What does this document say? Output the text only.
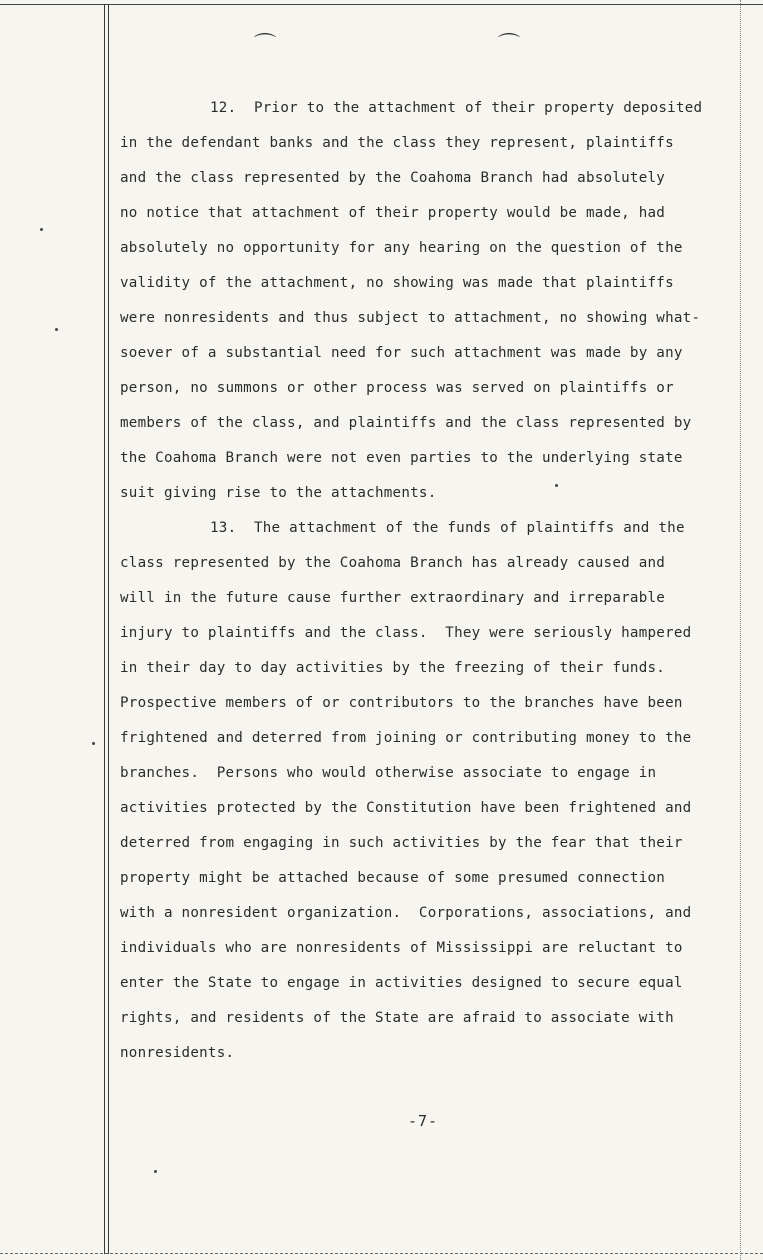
⌒	⌒
12. Prior to the attachment of their property deposited
in the defendant banks and the class they represent, plaintiffs
and the class represented by the Coahoma Branch had absolutely
no notice that attachment of their property would be made, had
absolutely no opportunity for any hearing on the question of the
validity of the attachment, no showing was made that plaintiffs
were nonresidents and thus subject to attachment, no showing what-
soever of a substantial need for such attachment was made by any
person, no summons or other process was served on plaintiffs or
members of the class, and plaintiffs and the class represented by
the Coahoma Branch were not even parties to the underlying state
suit giving rise to the attachments.
13. The attachment of the funds of plaintiffs and the
class represented by the Coahoma Branch has already caused and
will in the future cause further extraordinary and irreparable
injury to plaintiffs and the class.  They were seriously hampered
in their day to day activities by the freezing of their funds.
Prospective members of or contributors to the branches have been
frightened and deterred from joining or contributing money to the
branches.  Persons who would otherwise associate to engage in
activities protected by the Constitution have been frightened and
deterred from engaging in such activities by the fear that their
property might be attached because of some presumed connection
with a nonresident organization.  Corporations, associations, and
individuals who are nonresidents of Mississippi are reluctant to
enter the State to engage in activities designed to secure equal
rights, and residents of the State are afraid to associate with
nonresidents.
-7-
